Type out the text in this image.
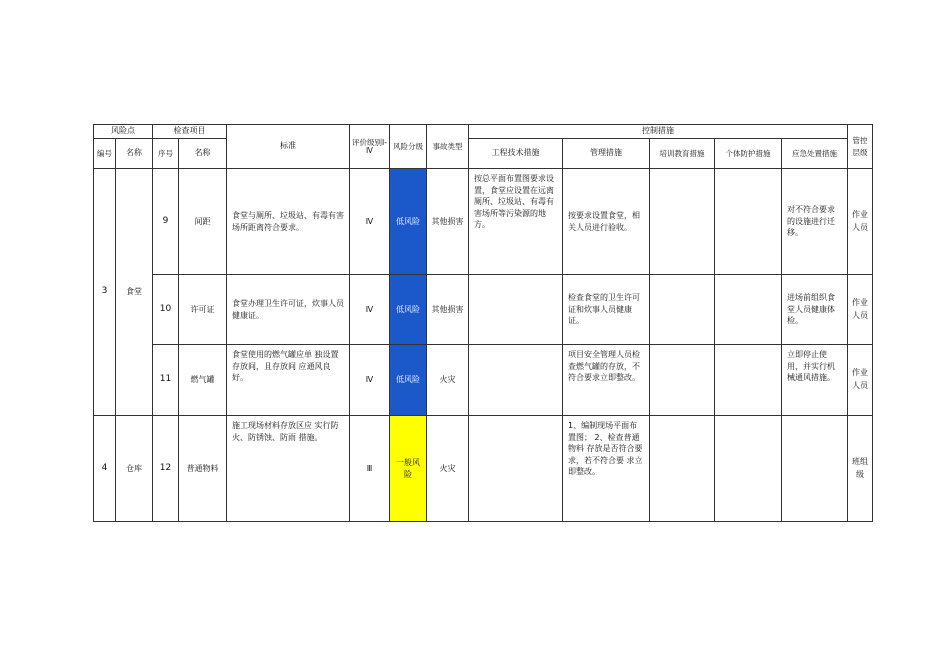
风险点		检查项目		标准	评价级别Ⅰ-Ⅳ	风险分级	事故类型	控制措施					管控层级
编号	名称	序号	名称					工程技术措施	管理措施	培训教育措施	个体防护措施	应急处置措施	
3	食堂	9	间距	食堂与厕所、垃圾站、有毒有害场所距离符合要求。	Ⅳ	低风险	其他损害	按总平面布置图要求设置，食堂应设置在远离厕所、垃圾站、有毒有害场所等污染源的地方。	按要求设置食堂，相关人员进行验收。			对不符合要求的设施进行迁移。	作业人员
		10	许可证	食堂办理卫生许可证，炊事人员健康证。	Ⅳ	低风险	其他损害		检查食堂的卫生许可证和炊事人员健康证。			进场前组织食堂人员健康体检。	作业人员
		11	燃气罐	食堂使用的燃气罐应单 独设置存放间，且存放间 应通风良好。	Ⅳ	低风险	火灾		项目安全管理人员检查燃气罐的存放，不符合要求立即整改。			立即停止使用，并实行机械通风措施。	作业人员
4	仓库	12	普通物料	施工现场材料存放区应 实行防火、防锈蚀、防雨 措施。	Ⅲ	一般风险	火灾		1、编制现场平面布置图； 2、检查普通物料 存放是否符合要 求，若不符合要 求立即整改。				班组级
